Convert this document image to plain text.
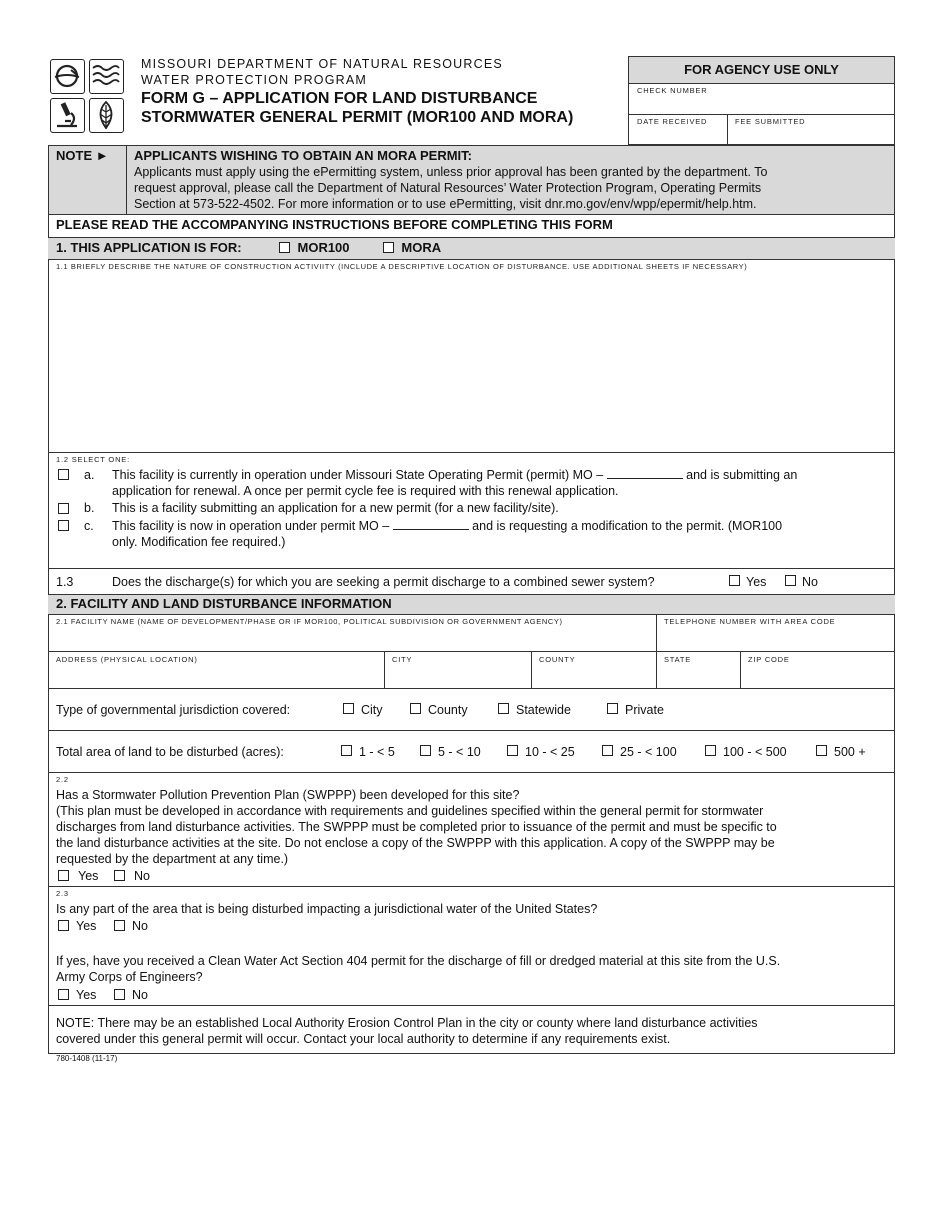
MISSOURI DEPARTMENT OF NATURAL RESOURCES
WATER PROTECTION PROGRAM
FORM G – APPLICATION FOR LAND DISTURBANCE
STORMWATER GENERAL PERMIT (MOR100 AND MORA)
FOR AGENCY USE ONLY
CHECK NUMBER
DATE RECEIVED	FEE SUBMITTED
NOTE ► APPLICANTS WISHING TO OBTAIN AN MORA PERMIT:
Applicants must apply using the ePermitting system, unless prior approval has been granted by the department. To
request approval, please call the Department of Natural Resources’ Water Protection Program, Operating Permits
Section at 573-522-4502. For more information or to use ePermitting, visit dnr.mo.gov/env/wpp/epermit/help.htm.
PLEASE READ THE ACCOMPANYING INSTRUCTIONS BEFORE COMPLETING THIS FORM
1. THIS APPLICATION IS FOR:	MOR100	MORA
1.1 BRIEFLY DESCRIBE THE NATURE OF CONSTRUCTION ACTIVIITY (INCLUDE A DESCRIPTIVE LOCATION OF DISTURBANCE. USE ADDITIONAL SHEETS IF NECESSARY)
1.2 SELECT ONE:
a. This facility is currently in operation under Missouri State Operating Permit (permit) MO –	and is submitting an
application for renewal. A once per permit cycle fee is required with this renewal application.
b. This is a facility submitting an application for a new permit (for a new facility/site).
c. This facility is now in operation under permit MO –	and is requesting a modification to the permit. (MOR100
only. Modification fee required.)
1.3	Does the discharge(s) for which you are seeking a permit discharge to a combined sewer system?	Yes	No
2. FACILITY AND LAND DISTURBANCE INFORMATION
2.1 FACILITY NAME (NAME OF DEVELOPMENT/PHASE OR IF MOR100, POLITICAL SUBDIVISION OR GOVERNMENT AGENCY)	TELEPHONE NUMBER WITH AREA CODE
ADDRESS (PHYSICAL LOCATION)	CITY	COUNTY	STATE	ZIP CODE
Type of governmental jurisdiction covered:	City	County	Statewide	Private
Total area of land to be disturbed (acres):	1 - < 5	5 - < 10	10 - < 25	25 - < 100	100 - < 500	500 +
2.2
Has a Stormwater Pollution Prevention Plan (SWPPP) been developed for this site?
(This plan must be developed in accordance with requirements and guidelines specified within the general permit for stormwater
discharges from land disturbance activities. The SWPPP must be completed prior to issuance of the permit and must be specific to
the land disturbance activities at the site. Do not enclose a copy of the SWPPP with this application. A copy of the SWPPP may be
requested by the department at any time.)
Yes	No
2.3
Is any part of the area that is being disturbed impacting a jurisdictional water of the United States?
Yes	No
If yes, have you received a Clean Water Act Section 404 permit for the discharge of fill or dredged material at this site from the U.S.
Army Corps of Engineers?
Yes	No
NOTE: There may be an established Local Authority Erosion Control Plan in the city or county where land disturbance activities
covered under this general permit will occur. Contact your local authority to determine if any requirements exist.
780-1408 (11-17)
